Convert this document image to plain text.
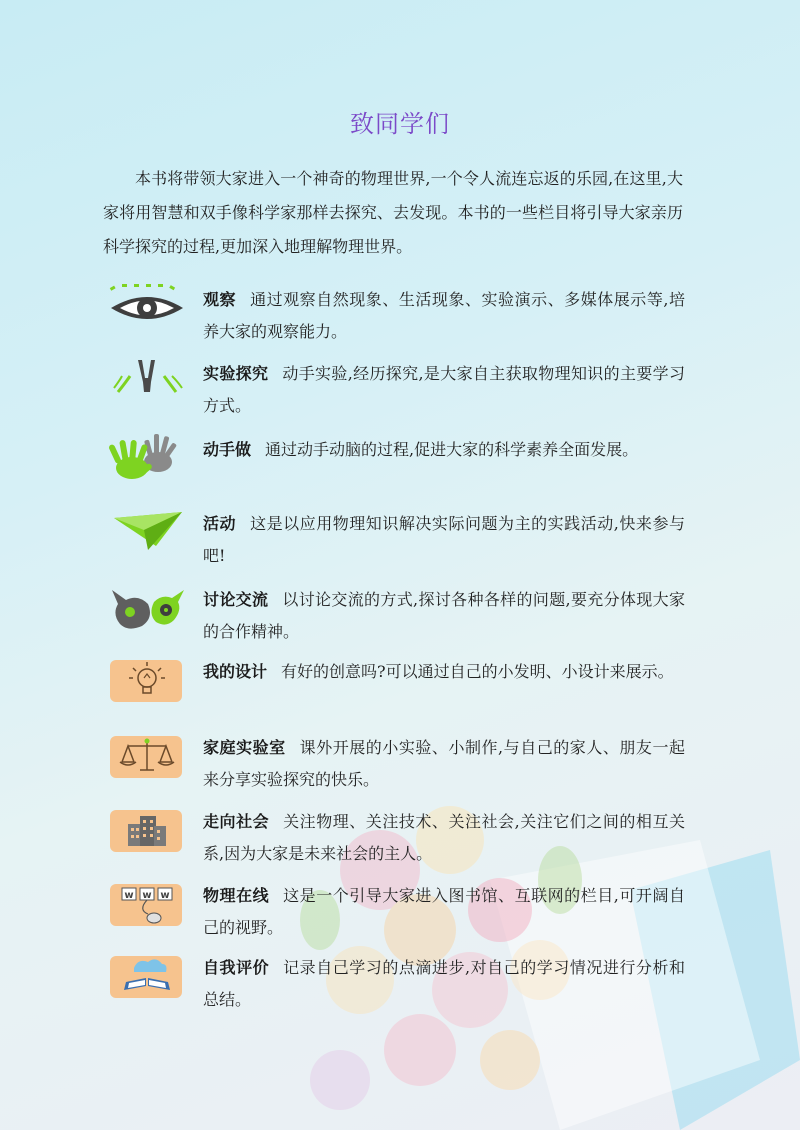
致同学们

本书将带领大家进入一个神奇的物理世界,一个令人流连忘返的乐园,在这里,大家将用智慧和双手像科学家那样去探究、去发现。本书的一些栏目将引导大家亲历科学探究的过程,更加深入地理解物理世界。

观察 通过观察自然现象、生活现象、实验演示、多媒体展示等,培养大家的观察能力。

实验探究 动手实验,经历探究,是大家自主获取物理知识的主要学习方式。

动手做 通过动手动脑的过程,促进大家的科学素养全面发展。

活动 这是以应用物理知识解决实际问题为主的实践活动,快来参与吧!

讨论交流 以讨论交流的方式,探讨各种各样的问题,要充分体现大家的合作精神。

我的设计 有好的创意吗?可以通过自己的小发明、小设计来展示。

家庭实验室 课外开展的小实验、小制作,与自己的家人、朋友一起来分享实验探究的快乐。

走向社会 关注物理、关注技术、关注社会,关注它们之间的相互关系,因为大家是未来社会的主人。

w w w 物理在线 这是一个引导大家进入图书馆、互联网的栏目,可开阔自己的视野。

自我评价 记录自己学习的点滴进步,对自己的学习情况进行分析和总结。
